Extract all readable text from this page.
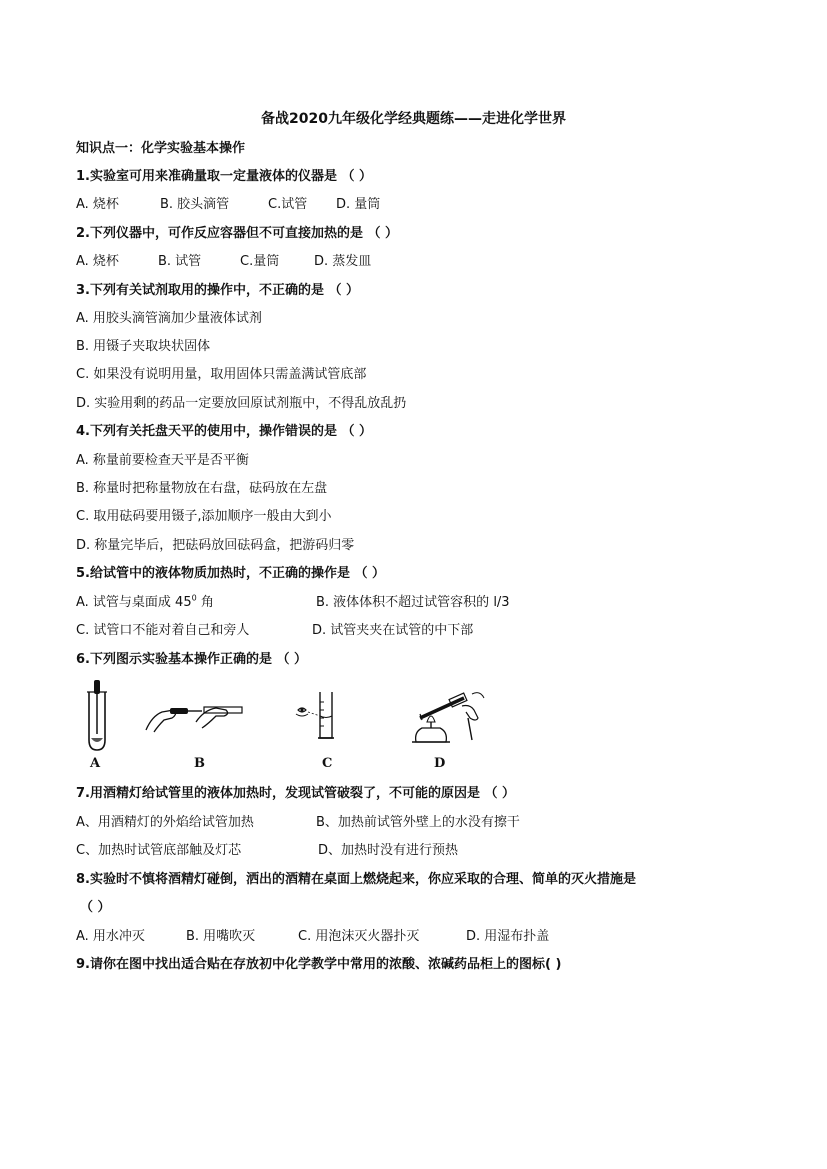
备战2020九年级化学经典题练——走进化学世界
知识点一：化学实验基本操作
1.实验室可用来准确量取一定量液体的仪器是 （ ）
A. 烧杯	B. 胶头滴管	C.试管 D. 量筒
2.下列仪器中，可作反应容器但不可直接加热的是 （ ）
A. 烧杯	B. 试管	C.量筒	D. 蒸发皿
3.下列有关试剂取用的操作中，不正确的是 （ ）
A. 用胶头滴管滴加少量液体试剂
B. 用镊子夹取块状固体
C. 如果没有说明用量，取用固体只需盖满试管底部
D. 实验用剩的药品一定要放回原试剂瓶中，不得乱放乱扔
4.下列有关托盘天平的使用中，操作错误的是 （ ）
A. 称量前要检查天平是否平衡
B. 称量时把称量物放在右盘，砝码放在左盘
C. 取用砝码要用镊子,添加顺序一般由大到小
D. 称量完毕后，把砝码放回砝码盒，把游码归零
5.给试管中的液体物质加热时，不正确的操作是 （ ）
A. 试管与桌面成 $45^0$ 角	B. 液体体积不超过试管容积的 l/3
C. 试管口不能对着自己和旁人	D. 试管夹夹在试管的中下部
6.下列图示实验基本操作正确的是 （ ）
A	B	C	D
7.用酒精灯给试管里的液体加热时，发现试管破裂了，不可能的原因是 （ ）
A、用酒精灯的外焰给试管加热	B、加热前试管外壁上的水没有擦干
C、加热时试管底部触及灯芯	D、加热时没有进行预热
8.实验时不慎将酒精灯碰倒，洒出的酒精在桌面上燃烧起来，你应采取的合理、简单的灭火措施是
（ ）
A. 用水冲灭	B. 用嘴吹灭	C. 用泡沫灭火器扑灭	D. 用湿布扑盖
9.请你在图中找出适合贴在存放初中化学教学中常用的浓酸、浓碱药品柜上的图标( )
